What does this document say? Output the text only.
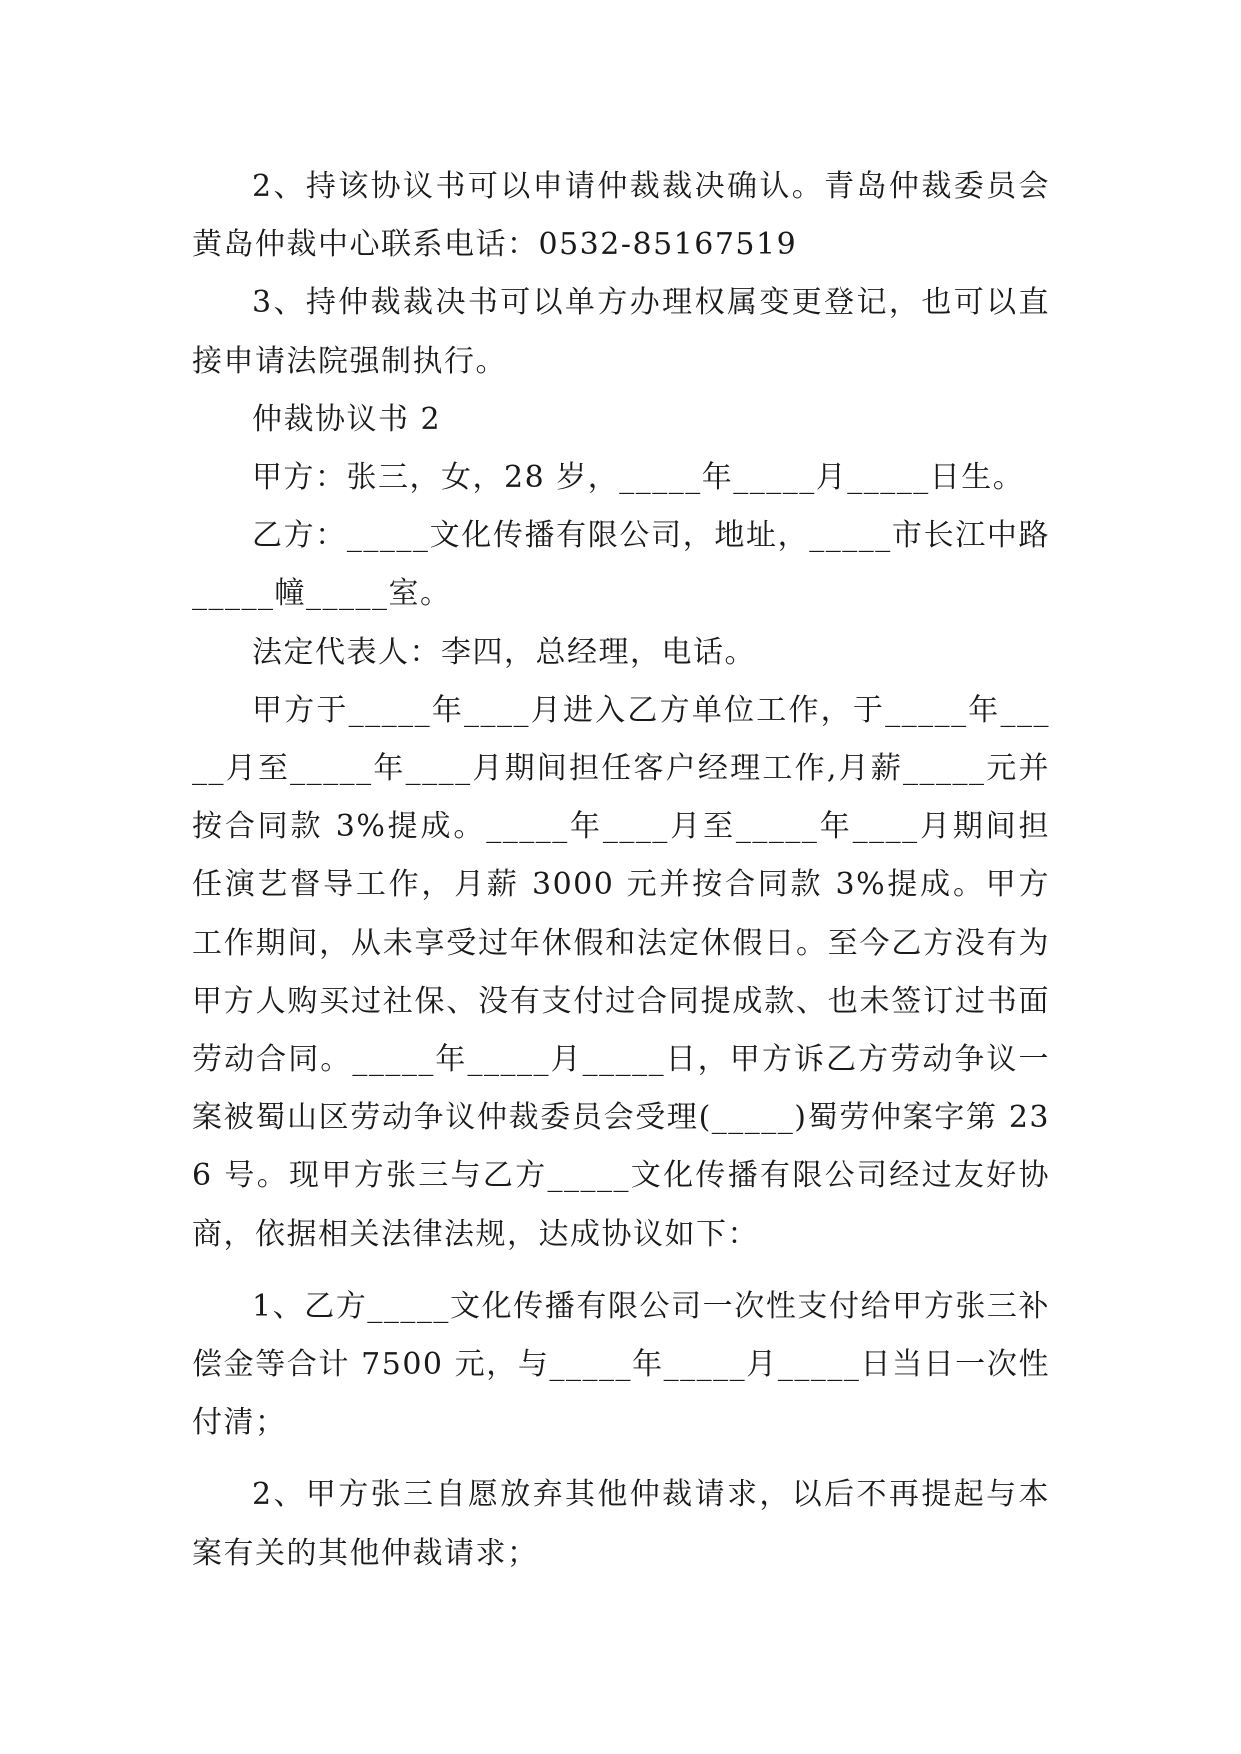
2、持该协议书可以申请仲裁裁决确认。青岛仲裁委员会黄岛仲裁中心联系电话：0532-85167519

3、持仲裁裁决书可以单方办理权属变更登记，也可以直接申请法院强制执行。

仲裁协议书 2

甲方：张三，女，28 岁，_____年_____月_____日生。

乙方：_____文化传播有限公司，地址，_____市长江中路_____幢_____室。

法定代表人：李四，总经理，电话。

甲方于_____年____月进入乙方单位工作，于_____年_____月至_____年____月期间担任客户经理工作,月薪_____元并按合同款 3%提成。_____年____月至_____年____月期间担任演艺督导工作，月薪 3000 元并按合同款 3%提成。甲方工作期间，从未享受过年休假和法定休假日。至今乙方没有为甲方人购买过社保、没有支付过合同提成款、也未签订过书面劳动合同。_____年_____月_____日，甲方诉乙方劳动争议一案被蜀山区劳动争议仲裁委员会受理(_____)蜀劳仲案字第 236 号。现甲方张三与乙方_____文化传播有限公司经过友好协商，依据相关法律法规，达成协议如下：

1、乙方_____文化传播有限公司一次性支付给甲方张三补偿金等合计 7500 元，与_____年_____月_____日当日一次性付清；

2、甲方张三自愿放弃其他仲裁请求，以后不再提起与本案有关的其他仲裁请求；
